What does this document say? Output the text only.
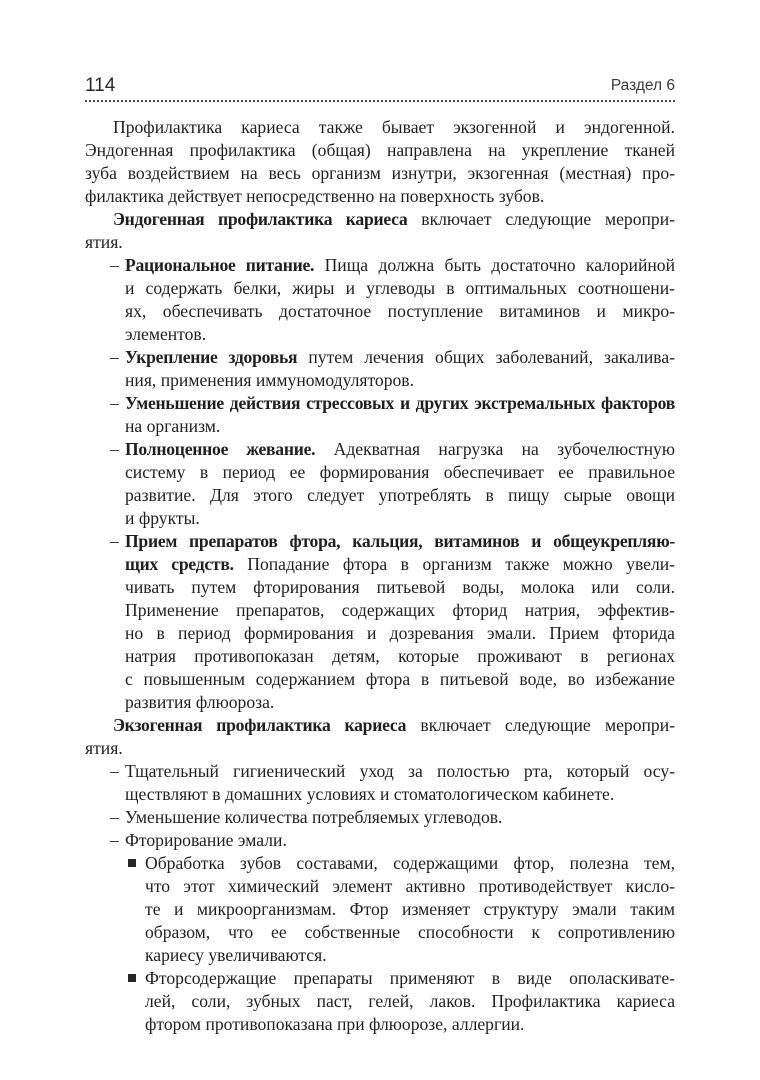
114	Раздел 6
Профилактика кариеса также бывает экзогенной и эндогенной.
Эндогенная профилактика (общая) направлена на укрепление тканей
зуба воздействием на весь организм изнутри, экзогенная (местная) про-
филактика действует непосредственно на поверхность зубов.
Эндогенная профилактика кариеса включает следующие меропри-
ятия.
– Рациональное питание. Пища должна быть достаточно калорийной
и содержать белки, жиры и углеводы в оптимальных соотношени-
ях, обеспечивать достаточное поступление витаминов и микро-
элементов.
– Укрепление здоровья путем лечения общих заболеваний, закалива-
ния, применения иммуномодуляторов.
– Уменьшение действия стрессовых и других экстремальных факторов
на организм.
– Полноценное жевание. Адекватная нагрузка на зубочелюстную
систему в период ее формирования обеспечивает ее правильное
развитие. Для этого следует употреблять в пищу сырые овощи
и фрукты.
– Прием препаратов фтора, кальция, витаминов и общеукрепляю-
щих средств. Попадание фтора в организм также можно увели-
чивать путем фторирования питьевой воды, молока или соли.
Применение препаратов, содержащих фторид натрия, эффектив-
но в период формирования и дозревания эмали. Прием фторида
натрия противопоказан детям, которые проживают в регионах
с повышенным содержанием фтора в питьевой воде, во избежание
развития флюороза.
Экзогенная профилактика кариеса включает следующие меропри-
ятия.
– Тщательный гигиенический уход за полостью рта, который осу-
ществляют в домашних условиях и стоматологическом кабинете.
– Уменьшение количества потребляемых углеводов.
– Фторирование эмали.
Обработка зубов составами, содержащими фтор, полезна тем,
что этот химический элемент активно противодействует кисло-
те и микроорганизмам. Фтор изменяет структуру эмали таким
образом, что ее собственные способности к сопротивлению
кариесу увеличиваются.
Фторсодержащие препараты применяют в виде ополаскивате-
лей, соли, зубных паст, гелей, лаков. Профилактика кариеса
фтором противопоказана при флюорозе, аллергии.
